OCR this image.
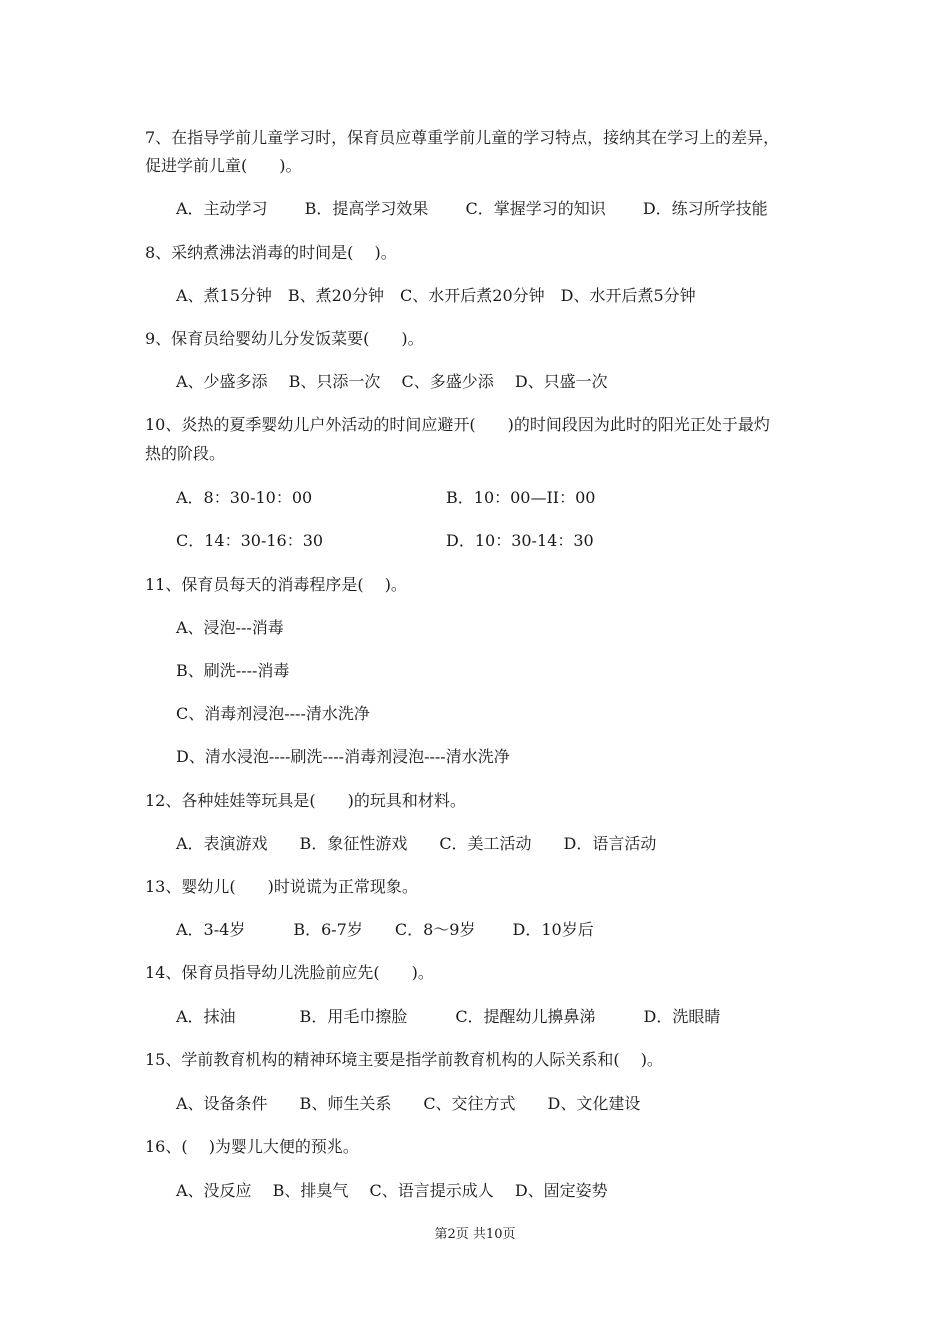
7、在指导学前儿童学习时，保育员应尊重学前儿童的学习特点，接纳其在学习上的差异，
促进学前儿童(　　)。
A．主动学习　　 B．提高学习效果　　 C．掌握学习的知识　　 D．练习所学技能
8、采纳煮沸法消毒的时间是(　 )。
A、煮15分钟　B、煮20分钟　C、水开后煮20分钟　D、水开后煮5分钟
9、保育员给婴幼儿分发饭菜要(　　)。
A、少盛多添　 B、只添一次　 C、多盛少添　 D、只盛一次
10、炎热的夏季婴幼儿户外活动的时间应避开(　　)的时间段因为此时的阳光正处于最灼
热的阶段。
A．8：30-10：00	B．10：00—II：00
C．14：30-16：30	D．10：30-14：30
11、保育员每天的消毒程序是(　 )。
A、浸泡---消毒
B、刷洗----消毒
C、消毒剂浸泡----清水洗净
D、清水浸泡----刷洗----消毒剂浸泡----清水洗净
12、各种娃娃等玩具是(　　)的玩具和材料。
A．表演游戏　　B．象征性游戏　　C．美工活动　　D．语言活动
13、婴幼儿(　　)时说谎为正常现象。
A．3-4岁　　　B．6-7岁　　C．8～9岁　　 D．10岁后
14、保育员指导幼儿洗脸前应先(　　)。
A．抹油　　　　B．用毛巾擦脸　　　C．提醒幼儿擤鼻涕　　　D．洗眼睛
15、学前教育机构的精神环境主要是指学前教育机构的人际关系和(　 )。
A、设备条件　　B、师生关系　　C、交往方式　　D、文化建设
16、(　 )为婴儿大便的预兆。
A、没反应　 B、排臭气　 C、语言提示成人　 D、固定姿势
第2页 共10页
